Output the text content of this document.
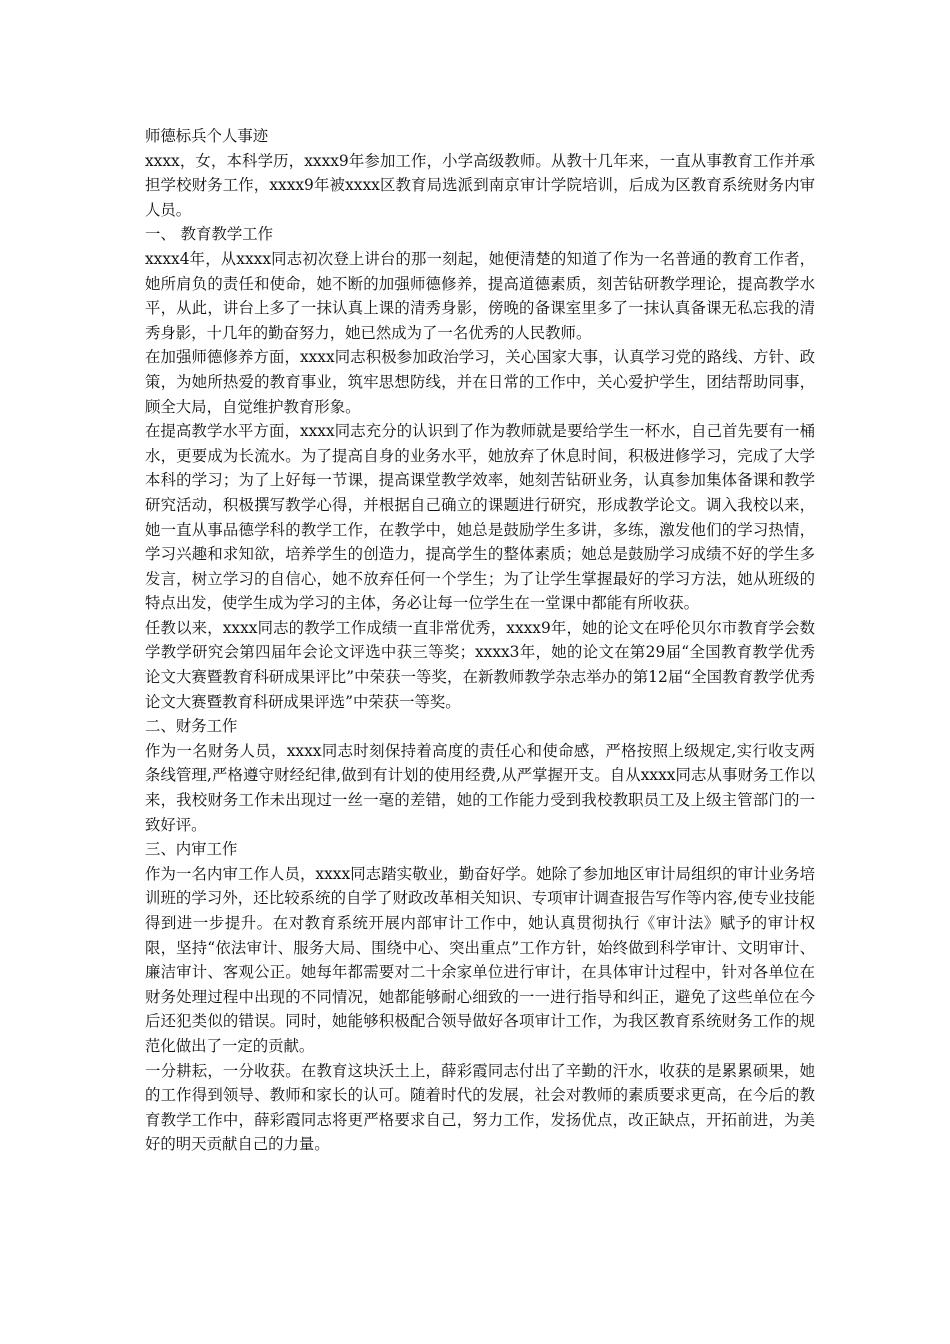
师德标兵个人事迹

xxxx，女，本科学历，xxxx9年参加工作，小学高级教师。从教十几年来，一直从事教育工作并承担学校财务工作，xxxx9年被xxxx区教育局选派到南京审计学院培训，后成为区教育系统财务内审人员。

一、 教育教学工作

xxxx4年，从xxxx同志初次登上讲台的那一刻起，她便清楚的知道了作为一名普通的教育工作者，她所肩负的责任和使命，她不断的加强师德修养，提高道德素质，刻苦钻研教学理论，提高教学水平，从此，讲台上多了一抹认真上课的清秀身影，傍晚的备课室里多了一抹认真备课无私忘我的清秀身影，十几年的勤奋努力，她已然成为了一名优秀的人民教师。

在加强师德修养方面，xxxx同志积极参加政治学习，关心国家大事，认真学习党的路线、方针、政策，为她所热爱的教育事业，筑牢思想防线，并在日常的工作中，关心爱护学生，团结帮助同事，顾全大局，自觉维护教育形象。

在提高教学水平方面，xxxx同志充分的认识到了作为教师就是要给学生一杯水，自己首先要有一桶水，更要成为长流水。为了提高自身的业务水平，她放弃了休息时间，积极进修学习，完成了大学本科的学习；为了上好每一节课，提高课堂教学效率，她刻苦钻研业务，认真参加集体备课和教学研究活动，积极撰写教学心得，并根据自己确立的课题进行研究，形成教学论文。调入我校以来，她一直从事品德学科的教学工作，在教学中，她总是鼓励学生多讲，多练，激发他们的学习热情，学习兴趣和求知欲，培养学生的创造力，提高学生的整体素质；她总是鼓励学习成绩不好的学生多发言，树立学习的自信心，她不放弃任何一个学生；为了让学生掌握最好的学习方法，她从班级的特点出发，使学生成为学习的主体，务必让每一位学生在一堂课中都能有所收获。

任教以来，xxxx同志的教学工作成绩一直非常优秀，xxxx9年，她的论文在呼伦贝尔市教育学会数学教学研究会第四届年会论文评选中获三等奖；xxxx3年，她的论文在第29届“全国教育教学优秀论文大赛暨教育科研成果评比”中荣获一等奖，在新教师教学杂志举办的第12届“全国教育教学优秀论文大赛暨教育科研成果评选”中荣获一等奖。

二、财务工作

作为一名财务人员，xxxx同志时刻保持着高度的责任心和使命感，严格按照上级规定,实行收支两条线管理,严格遵守财经纪律,做到有计划的使用经费,从严掌握开支。自从xxxx同志从事财务工作以来，我校财务工作未出现过一丝一毫的差错，她的工作能力受到我校教职员工及上级主管部门的一致好评。

三、内审工作

作为一名内审工作人员，xxxx同志踏实敬业，勤奋好学。她除了参加地区审计局组织的审计业务培训班的学习外，还比较系统的自学了财政改革相关知识、专项审计调查报告写作等内容,使专业技能得到进一步提升。在对教育系统开展内部审计工作中，她认真贯彻执行《审计法》赋予的审计权限，坚持“依法审计、服务大局、围绕中心、突出重点”工作方针，始终做到科学审计、文明审计、廉洁审计、客观公正。她每年都需要对二十余家单位进行审计，在具体审计过程中，针对各单位在财务处理过程中出现的不同情况，她都能够耐心细致的一一进行指导和纠正，避免了这些单位在今后还犯类似的错误。同时，她能够积极配合领导做好各项审计工作，为我区教育系统财务工作的规范化做出了一定的贡献。

一分耕耘，一分收获。在教育这块沃土上，薛彩霞同志付出了辛勤的汗水，收获的是累累硕果，她的工作得到领导、教师和家长的认可。随着时代的发展，社会对教师的素质要求更高，在今后的教育教学工作中，薛彩霞同志将更严格要求自己，努力工作，发扬优点，改正缺点，开拓前进，为美好的明天贡献自己的力量。
